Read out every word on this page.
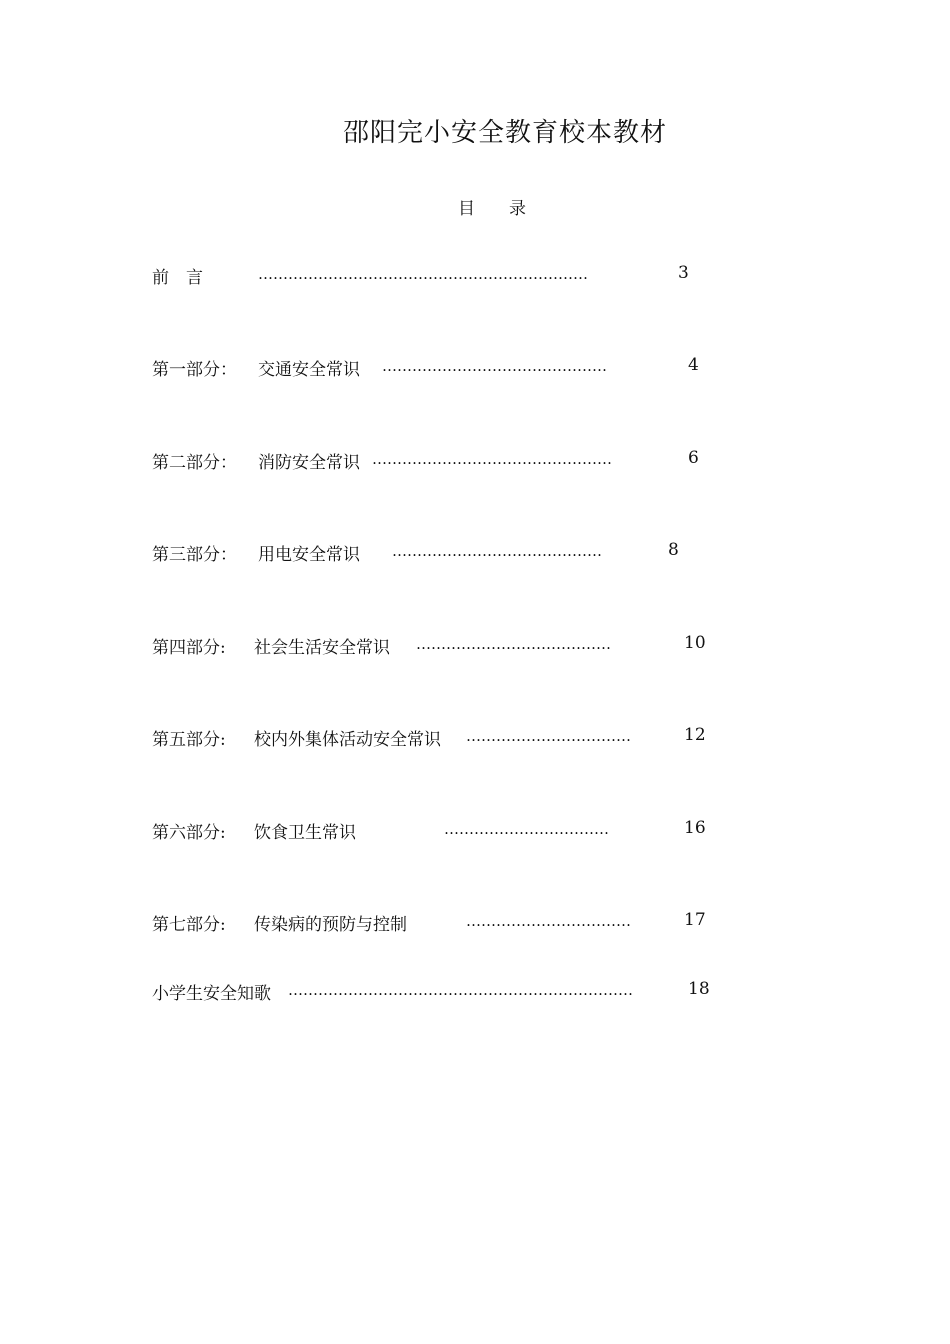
邵阳完小安全教育校本教材
目 录
前　言	…………………………………………………………	3
第一部分： 交通安全常识 ………………………………………	4
第二部分： 消防安全常识 …………………………………………	6
第三部分： 用电安全常识 ……………………………………	8
第四部分: 社会生活安全常识 …………………………………	10
第五部分: 校内外集体活动安全常识 ……………………………	12
第六部分: 饮食卫生常识	……………………………	16
第七部分: 传染病的预防与控制	……………………………	17
小学生安全知歌 ……………………………………………………………	18
